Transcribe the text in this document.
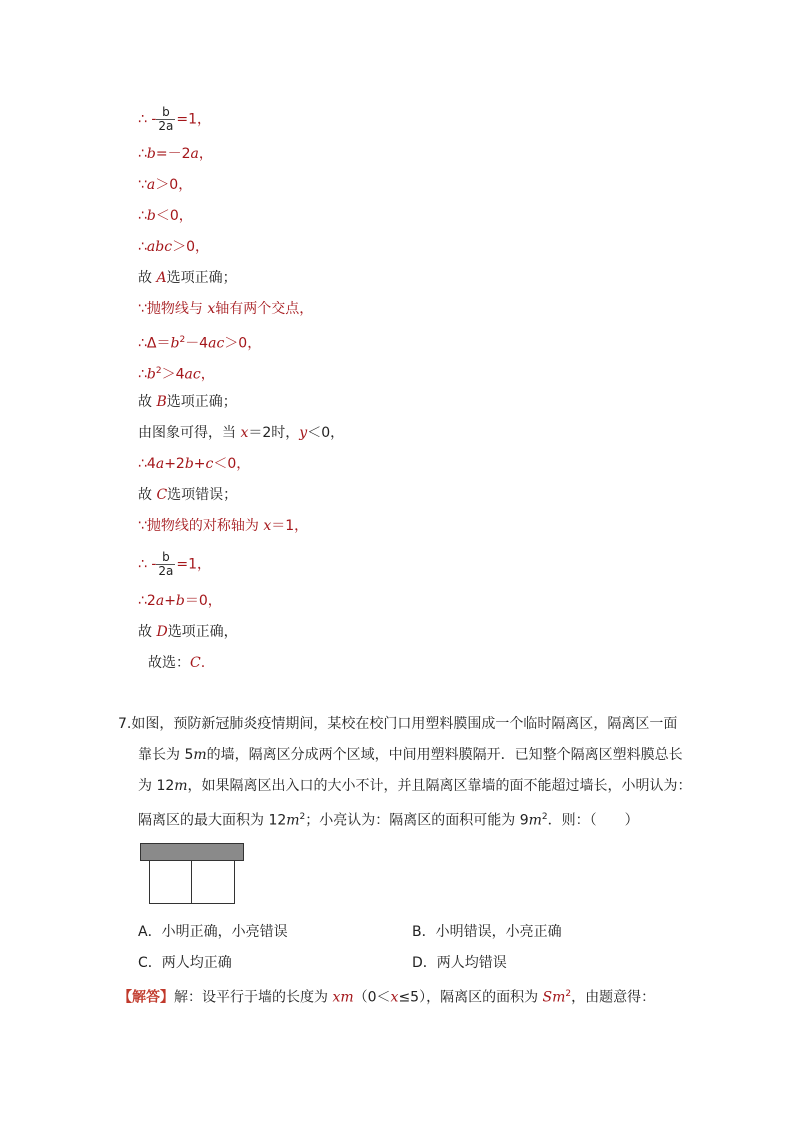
∴ - $\frac{b}{2a} =1$，
∴b=－2a，
∵a＞0，
∴b＜0，
∴abc＞0，
故 A选项正确；
∵抛物线与 x轴有两个交点，
$\therefore\Delta=b^2-4ac>0$，
$\therefore b^2>4ac$，
故 B选项正确；
由图象可得，当 x＝2时，y＜0，
∴4a+2b+c＜0，
故 C选项错误；
∵抛物线的对称轴为 x＝1，
∴ - $\frac{b}{2a} =1$，
∴2a+b＝0，
故 D选项正确，
故选：C.
7.如图，预防新冠肺炎疫情期间，某校在校门口用塑料膜围成一个临时隔离区，隔离区一面
靠长为 5m的墙，隔离区分成两个区域，中间用塑料膜隔开．已知整个隔离区塑料膜总长
为 12m，如果隔离区出入口的大小不计，并且隔离区靠墙的面不能超过墙长，小明认为：
隔离区的最大面积为 $12m^2$；小亮认为：隔离区的面积可能为 $9m^2$．则：（　　）
A．小明正确，小亮错误	B．小明错误，小亮正确
C．两人均正确	D．两人均错误
【解答】解：设平行于墙的长度为 xm（0＜x≤5），隔离区的面积为 Sm$^2$，由题意得：
